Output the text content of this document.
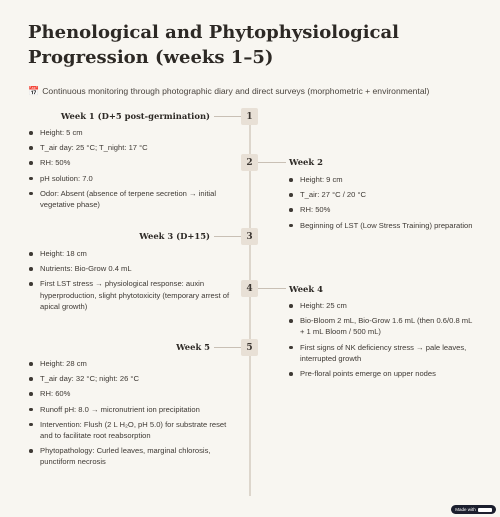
Phenological and Phytophysiological Progression (weeks 1–5)
📅 Continuous monitoring through photographic diary and direct surveys (morphometric + environmental)
Week 1 (D+5 post-germination)	1
Height: 5 cm
T_air day: 25 °C; T_night: 17 °C
RH: 50%
pH solution: 7.0
Odor: Absent (absence of terpene secretion → initial vegetative phase)
2	Week 2
Height: 9 cm
T_air: 27 °C / 20 °C
RH: 50%
Beginning of LST (Low Stress Training) preparation
Week 3 (D+15)	3
Height: 18 cm
Nutrients: Bio-Grow 0.4 mL
First LST stress → physiological response: auxin hyperproduction, slight phytotoxicity (temporary arrest of apical growth)
4	Week 4
Height: 25 cm
Bio-Bloom 2 mL, Bio-Grow 1.6 mL (then 0.6/0.8 mL + 1 mL Bloom / 500 mL)
First signs of NK deficiency stress → pale leaves, interrupted growth
Pre-floral points emerge on upper nodes
Week 5	5
Height: 28 cm
T_air day: 32 °C; night: 26 °C
RH: 60%
Runoff pH: 8.0 → micronutrient ion precipitation
Intervention: Flush (2 L H₂O, pH 5.0) for substrate reset and to facilitate root reabsorption
Phytopathology: Curled leaves, marginal chlorosis, punctiform necrosis
Made with
